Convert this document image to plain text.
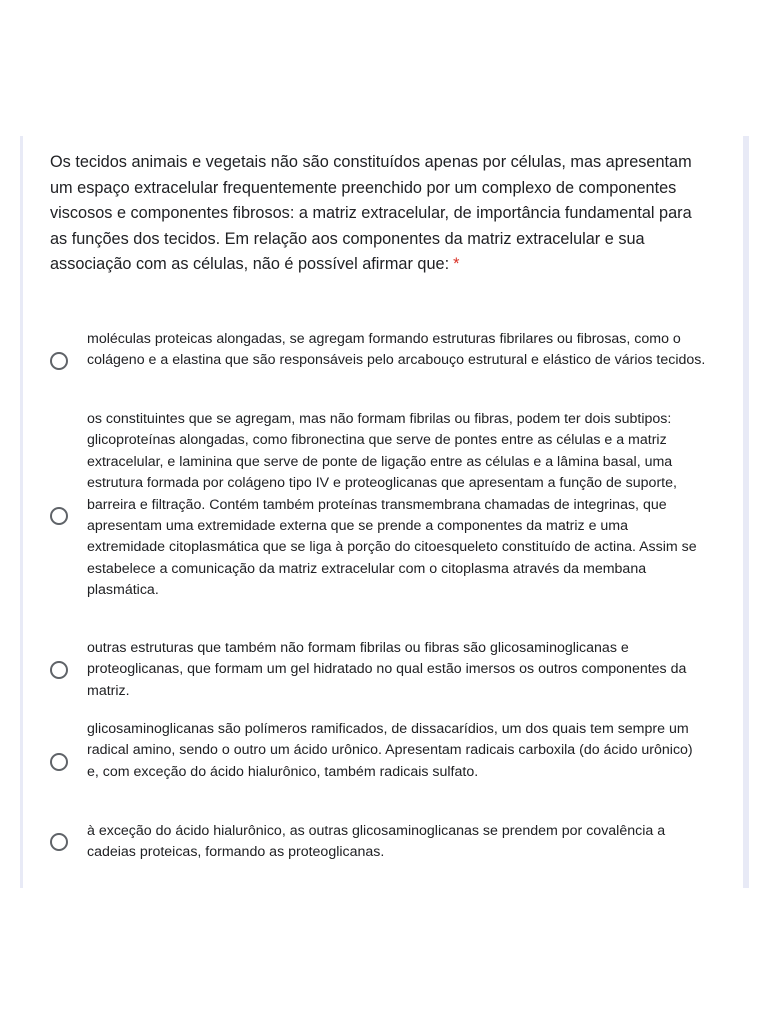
Os tecidos animais e vegetais não são constituídos apenas por células, mas apresentam um espaço extracelular frequentemente preenchido por um complexo de componentes viscosos e componentes fibrosos: a matriz extracelular, de importância fundamental para as funções dos tecidos. Em relação aos componentes da matriz extracelular e sua associação com as células, não é possível afirmar que: *

moléculas proteicas alongadas, se agregam formando estruturas fibrilares ou fibrosas, como o colágeno e a elastina que são responsáveis pelo arcabouço estrutural e elástico de vários tecidos.

os constituintes que se agregam, mas não formam fibrilas ou fibras, podem ter dois subtipos: glicoproteínas alongadas, como fibronectina que serve de pontes entre as células e a matriz extracelular, e laminina que serve de ponte de ligação entre as células e a lâmina basal, uma estrutura formada por colágeno tipo IV e proteoglicanas que apresentam a função de suporte, barreira e filtração. Contém também proteínas transmembrana chamadas de integrinas, que apresentam uma extremidade externa que se prende a componentes da matriz e uma extremidade citoplasmática que se liga à porção do citoesqueleto constituído de actina. Assim se estabelece a comunicação da matriz extracelular com o citoplasma através da membana plasmática.

outras estruturas que também não formam fibrilas ou fibras são glicosaminoglicanas e proteoglicanas, que formam um gel hidratado no qual estão imersos os outros componentes da matriz.

glicosaminoglicanas são polímeros ramificados, de dissacarídios, um dos quais tem sempre um radical amino, sendo o outro um ácido urônico. Apresentam radicais carboxila (do ácido urônico) e, com exceção do ácido hialurônico, também radicais sulfato.

à exceção do ácido hialurônico, as outras glicosaminoglicanas se prendem por covalência a cadeias proteicas, formando as proteoglicanas.
